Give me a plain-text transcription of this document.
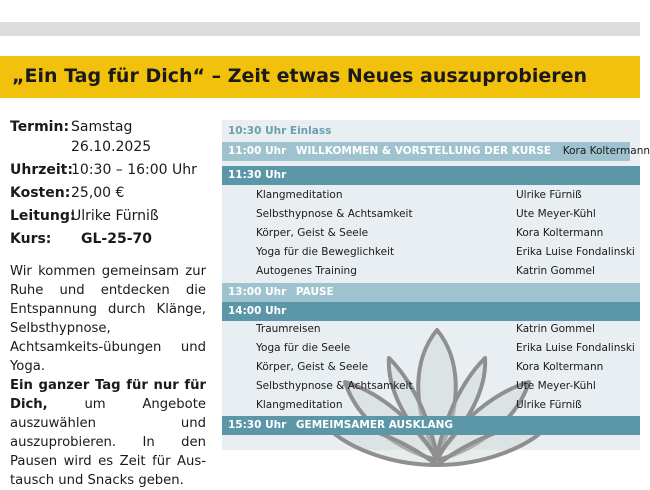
„Ein Tag für Dich“ – Zeit etwas Neues auszuprobieren
Termin: Samstag
26.10.2025
Uhrzeit:
10:30 – 16:00 Uhr
Kosten: 25,00 €
Leitung:
Ulrike Fürniß
Kurs:	GL-25-70

Wir kommen gemeinsam zur Ruhe und entdecken die Entspannung durch Klänge, Selbsthypnose, Achtsamkeits-übungen und Yoga.

Ein ganzer Tag für nur für Dich, um Angebote auszuwählen und auszuprobieren. In den Pausen wird es Zeit für Aus-tausch und Snacks geben.

10:30 Uhr Einlass
11:00 Uhr WILLKOMMEN & VORSTELLUNG DER KURSE Kora Koltermann
11:30 Uhr
Klangmeditation	Ulrike Fürniß
Selbsthypnose & Achtsamkeit	Ute Meyer-Kühl
Körper, Geist & Seele	Kora Koltermann
Yoga für die Beweglichkeit	Erika Luise Fondalinski
Autogenes Training	Katrin Gommel
13:00 Uhr PAUSE
14:00 Uhr
Traumreisen	Katrin Gommel
Yoga für die Seele	Erika Luise Fondalinski
Körper, Geist & Seele	Kora Koltermann
Selbsthypnose & Achtsamkeit	Ute Meyer-Kühl
Klangmeditation	Ulrike Fürniß
15:30 Uhr GEMEIMSAMER AUSKLANG
